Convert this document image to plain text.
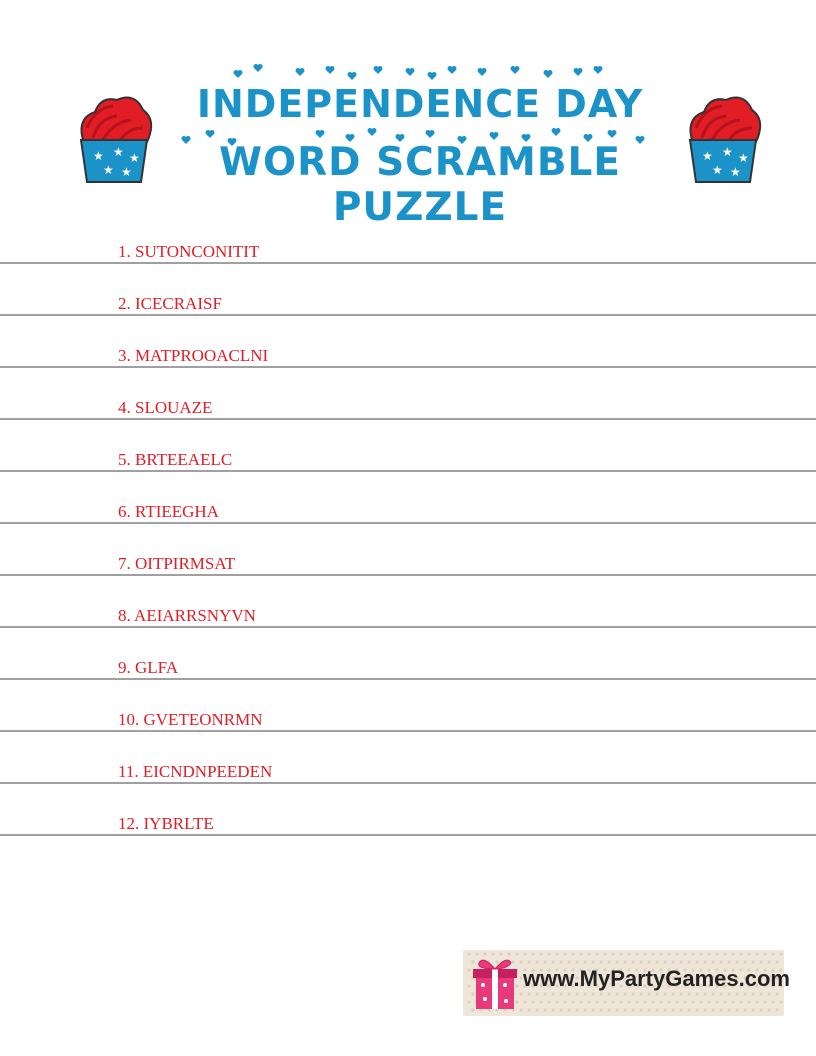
★ ★ ★
★ ★
★ ★ ★
★ ★
INDEPENDENCE DAY
WORD SCRAMBLE PUZZLE
1. SUTONCONITIT
2. ICECRAISF
3. MATPROOACLNI
4. SLOUAZE
5. BRTEEAELC
6. RTIEEGHA
7. OITPIRMSAT
8. AEIARRSNYVN
9. GLFA
10. GVETEONRMN
11. EICNDNPEEDEN
12. IYBRLTE
www.MyPartyGames.com
